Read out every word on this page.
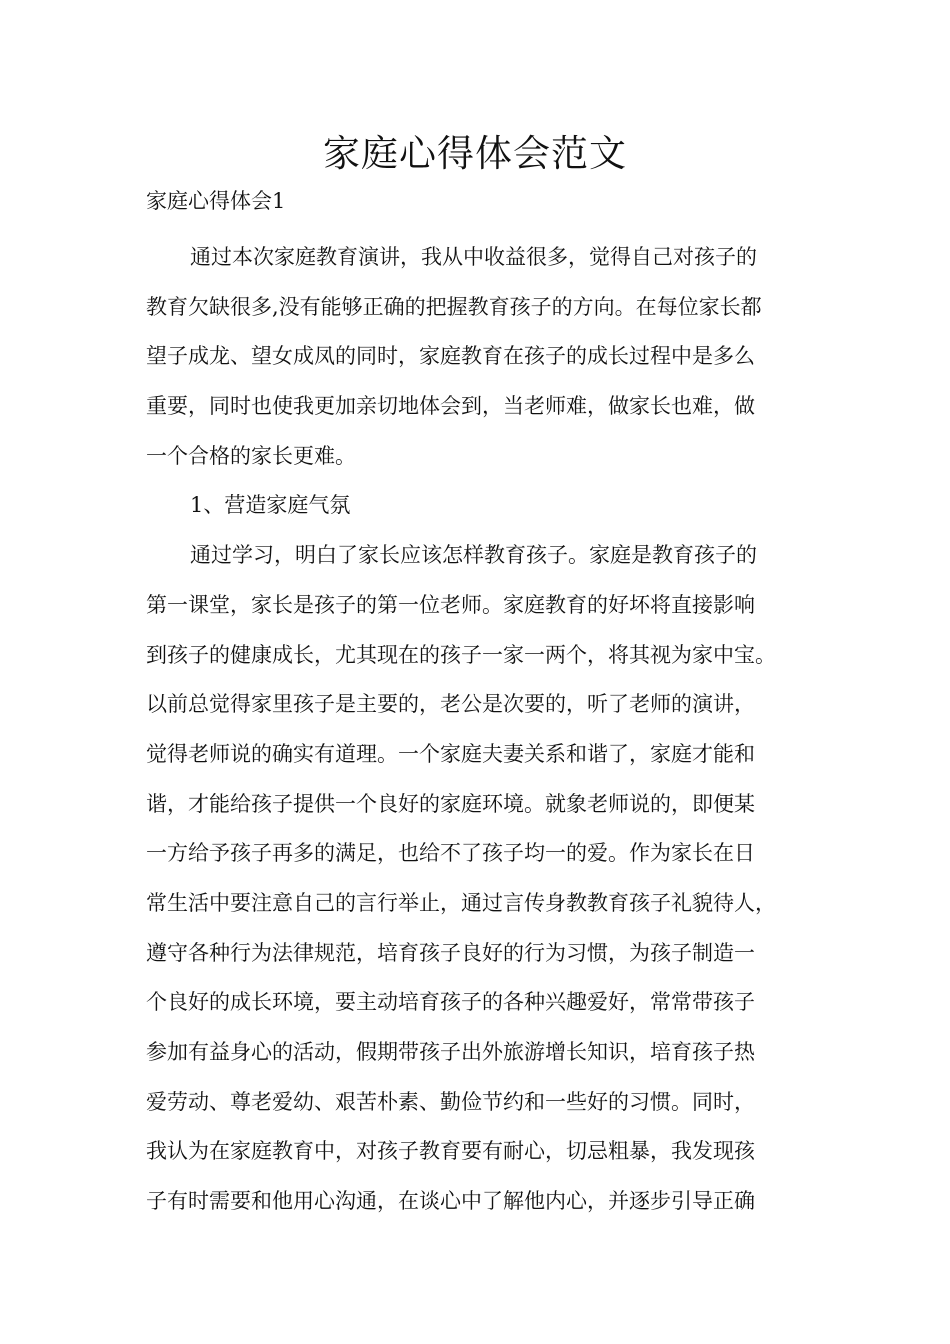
家庭心得体会范文
家庭心得体会1
通过本次家庭教育演讲，我从中收益很多，觉得自己对孩子的
教育欠缺很多,没有能够正确的把握教育孩子的方向。在每位家长都
望子成龙、望女成凤的同时，家庭教育在孩子的成长过程中是多么
重要，同时也使我更加亲切地体会到，当老师难，做家长也难，做
一个合格的家长更难。
1、营造家庭气氛
通过学习，明白了家长应该怎样教育孩子。家庭是教育孩子的
第一课堂，家长是孩子的第一位老师。家庭教育的好坏将直接影响
到孩子的健康成长，尤其现在的孩子一家一两个，将其视为家中宝。
以前总觉得家里孩子是主要的，老公是次要的，听了老师的演讲，
觉得老师说的确实有道理。一个家庭夫妻关系和谐了，家庭才能和
谐，才能给孩子提供一个良好的家庭环境。就象老师说的，即便某
一方给予孩子再多的满足，也给不了孩子均一的爱。作为家长在日
常生活中要注意自己的言行举止，通过言传身教教育孩子礼貌待人，
遵守各种行为法律规范，培育孩子良好的行为习惯，为孩子制造一
个良好的成长环境，要主动培育孩子的各种兴趣爱好，常常带孩子
参加有益身心的活动，假期带孩子出外旅游增长知识，培育孩子热
爱劳动、尊老爱幼、艰苦朴素、勤俭节约和一些好的习惯。同时，
我认为在家庭教育中，对孩子教育要有耐心，切忌粗暴，我发现孩
子有时需要和他用心沟通，在谈心中了解他内心，并逐步引导正确
